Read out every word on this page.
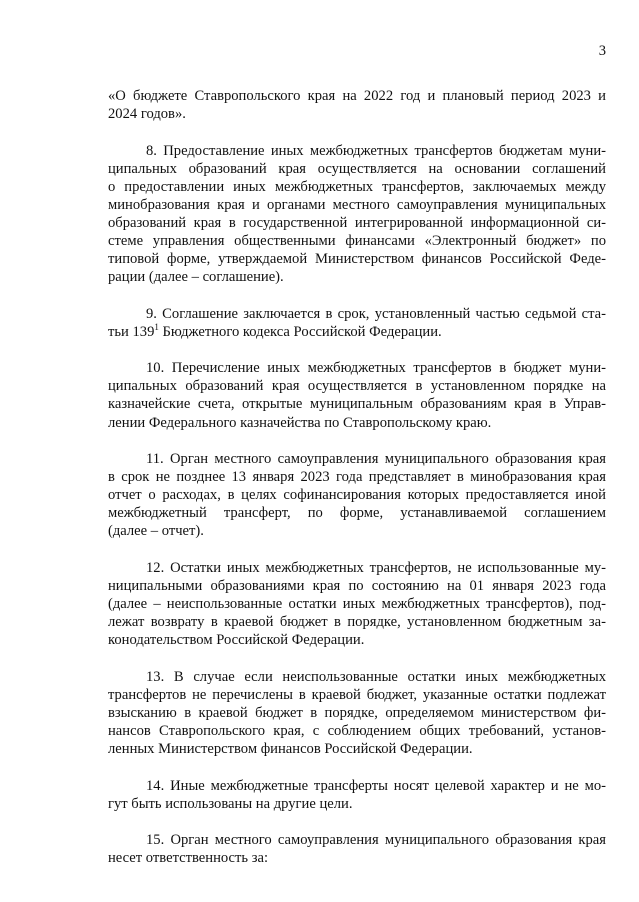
3
«О бюджете Ставропольского края на 2022 год и плановый период 2023 и
2024 годов».
8. Предоставление иных межбюджетных трансфертов бюджетам муни-
ципальных образований края осуществляется на основании соглашений
о предоставлении иных межбюджетных трансфертов, заключаемых между
минобразования края и органами местного самоуправления муниципальных
образований края в государственной интегрированной информационной си-
стеме управления общественными финансами «Электронный бюджет» по
типовой форме, утверждаемой Министерством финансов Российской Феде-
рации (далее – соглашение).
9. Соглашение заключается в срок, установленный частью седьмой ста-
тьи $139^1$ Бюджетного кодекса Российской Федерации.
10. Перечисление иных межбюджетных трансфертов в бюджет муни-
ципальных образований края осуществляется в установленном порядке на
казначейские счета, открытые муниципальным образованиям края в Управ-
лении Федерального казначейства по Ставропольскому краю.
11. Орган местного самоуправления муниципального образования края
в срок не позднее 13 января 2023 года представляет в минобразования края
отчет о расходах, в целях софинансирования которых предоставляется иной
межбюджетный трансферт, по форме, устанавливаемой соглашением
(далее – отчет).
12. Остатки иных межбюджетных трансфертов, не использованные му-
ниципальными образованиями края по состоянию на 01 января 2023 года
(далее – неиспользованные остатки иных межбюджетных трансфертов), под-
лежат возврату в краевой бюджет в порядке, установленном бюджетным за-
конодательством Российской Федерации.
13. В случае если неиспользованные остатки иных межбюджетных
трансфертов не перечислены в краевой бюджет, указанные остатки подлежат
взысканию в краевой бюджет в порядке, определяемом министерством фи-
нансов Ставропольского края, с соблюдением общих требований, установ-
ленных Министерством финансов Российской Федерации.
14. Иные межбюджетные трансферты носят целевой характер и не мо-
гут быть использованы на другие цели.
15. Орган местного самоуправления муниципального образования края
несет ответственность за:
